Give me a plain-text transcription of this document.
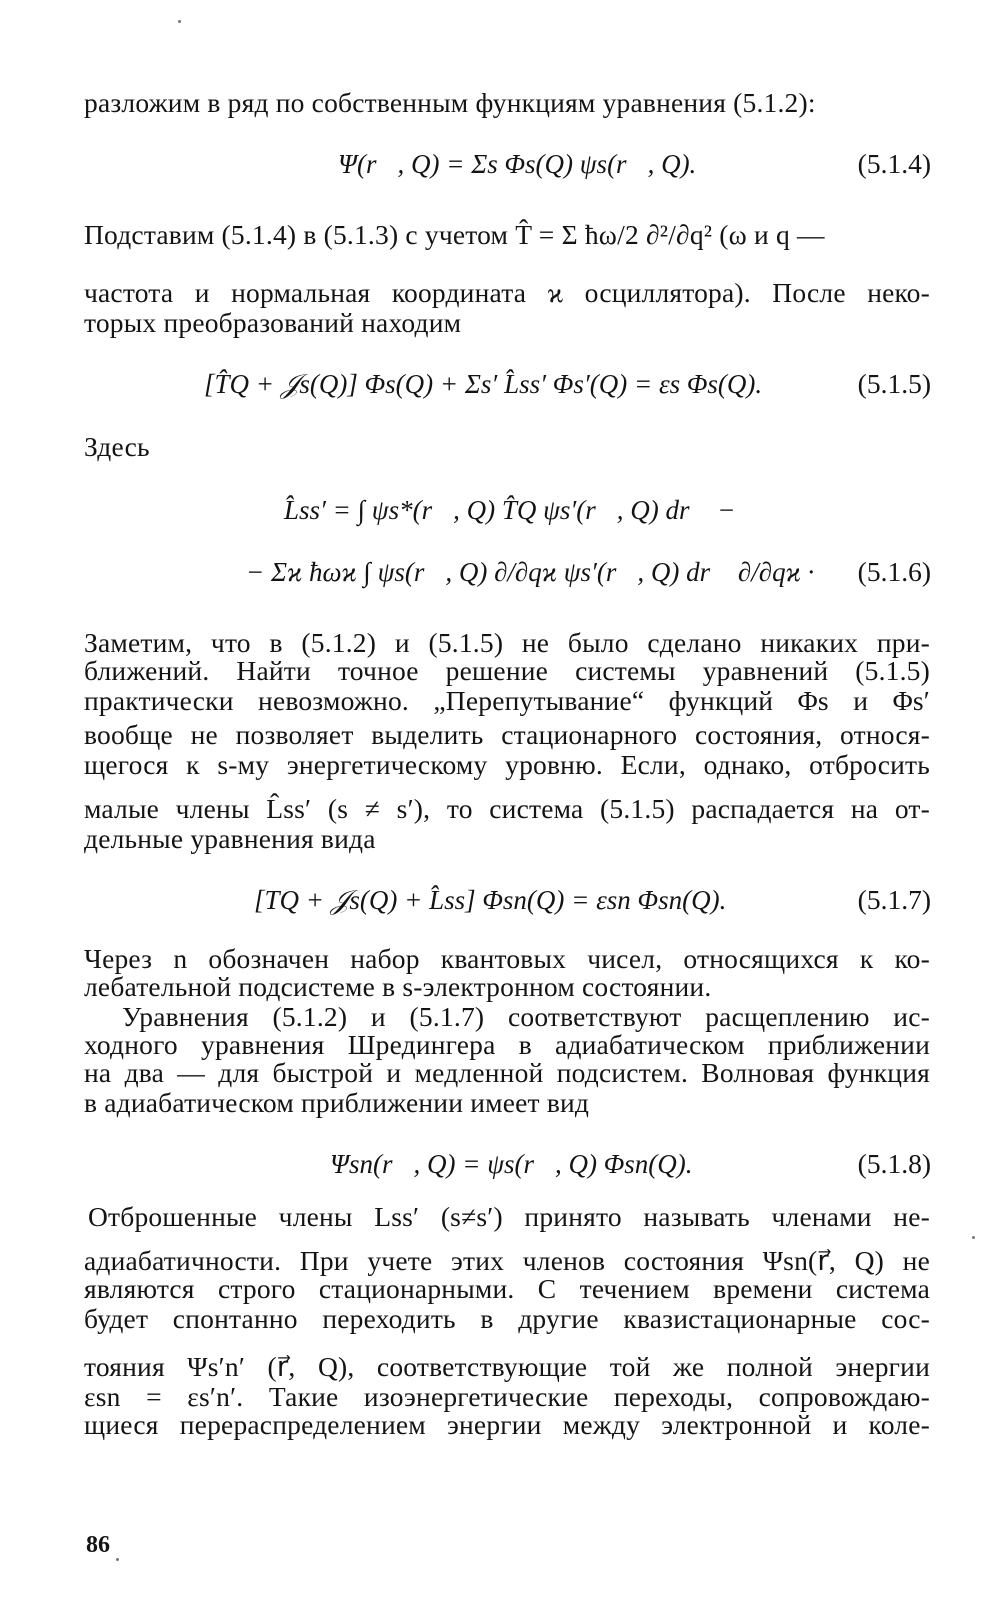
разложим в ряд по собственным функциям уравнения (5.1.2):
Ψ(r⃗, Q) = Σs Φs(Q) ψs(r⃗, Q).	(5.1.4)
Подставим (5.1.4) в (5.1.3) с учетом T̂ = Σ ħω/2 ∂²/∂q² (ω и q —
частота и нормальная координата ϰ осциллятора). После неко-
торых преобразований находим
[T̂Q + 𝒥s(Q)] Φs(Q) + Σs′ L̂ss′ Φs′(Q) = εs Φs(Q).	(5.1.5)
Здесь
L̂ss′ = ∫ ψs*(r⃗, Q) T̂Q ψs′(r⃗, Q) dr⃗ −
− Σϰ ħωϰ ∫ ψs(r⃗, Q) ∂/∂qϰ ψs′(r⃗, Q) dr⃗ ∂/∂qϰ · (5.1.6)
Заметим, что в (5.1.2) и (5.1.5) не было сделано никаких при-
ближений. Найти точное решение системы уравнений (5.1.5)
практически невозможно. „Перепутывание“ функций Φs и Φs′
вообще не позволяет выделить стационарного состояния, относя-
щегося к s-му энергетическому уровню. Если, однако, отбросить
малые члены L̂ss′ (s ≠ s′), то система (5.1.5) распадается на от-
дельные уравнения вида
[TQ + 𝒥s(Q) + L̂ss] Φsn(Q) = εsn Φsn(Q).	(5.1.7)
Через n обозначен набор квантовых чисел, относящихся к ко-
лебательной подсистеме в s-электронном состоянии.
Уравнения (5.1.2) и (5.1.7) соответствуют расщеплению ис-
ходного уравнения Шредингера в адиабатическом приближении
на два — для быстрой и медленной подсистем. Волновая функция
в адиабатическом приближении имеет вид
Ψsn(r⃗, Q) = ψs(r⃗, Q) Φsn(Q).	(5.1.8)
Отброшенные члены Lss′ (s≠s′) принято называть членами не-
адиабатичности. При учете этих членов состояния Ψsn(r⃗, Q) не
являются строго стационарными. С течением времени система
будет спонтанно переходить в другие квазистационарные сос-
тояния Ψs′n′ (r⃗, Q), соответствующие той же полной энергии
εsn = εs′n′. Такие изоэнергетические переходы, сопровождаю-
щиеся перераспределением энергии между электронной и коле-
86
